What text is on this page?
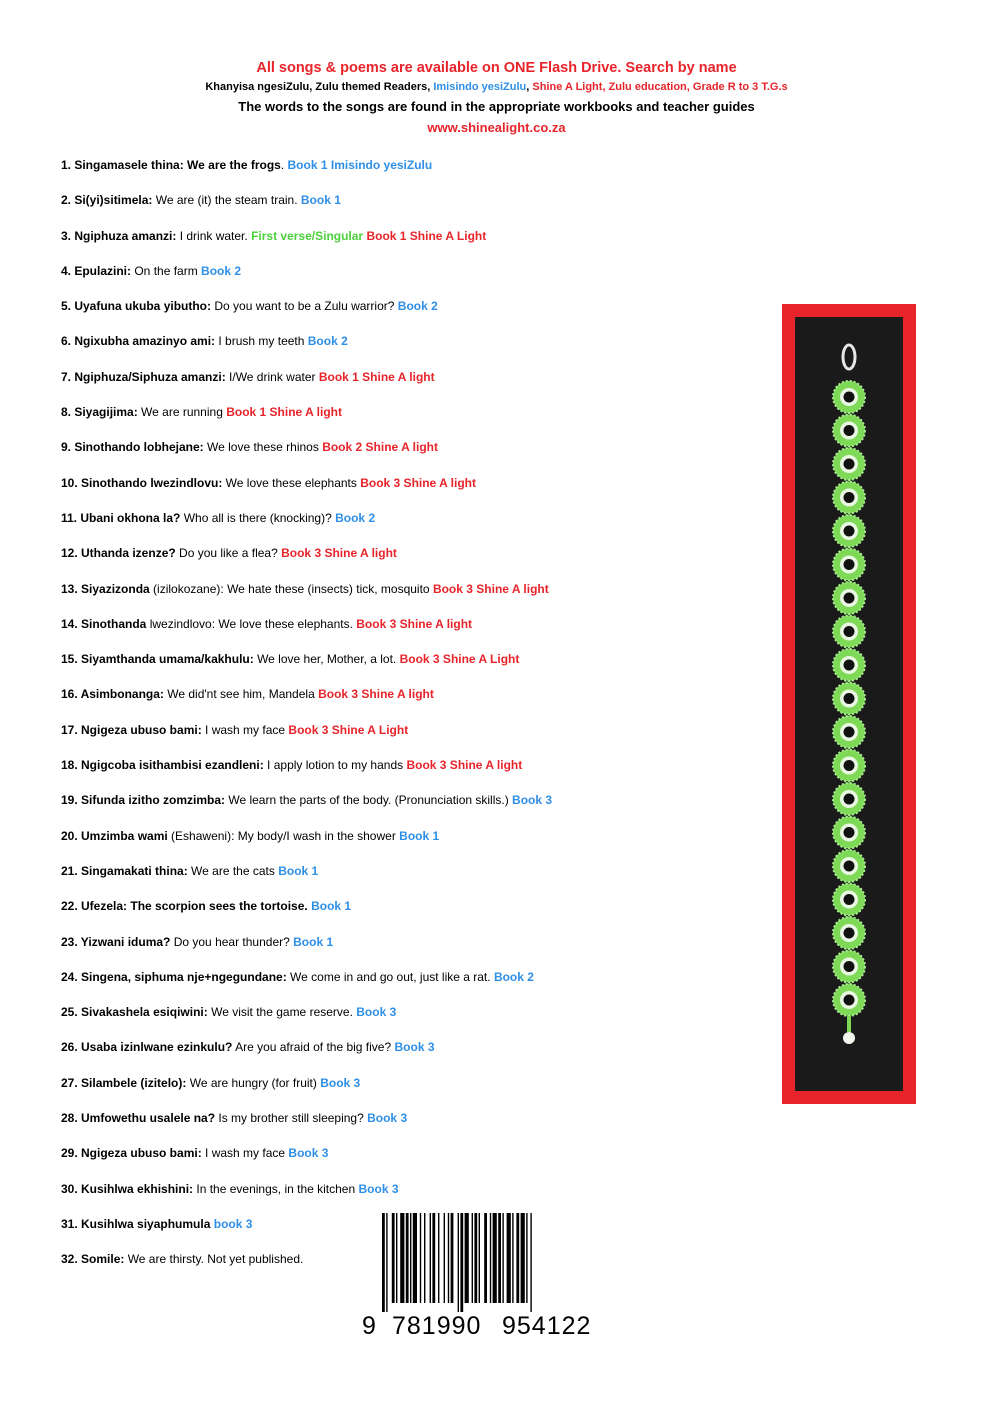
All songs & poems are available on ONE Flash Drive. Search by name
Khanyisa ngesiZulu, Zulu themed Readers, Imisindo yesiZulu, Shine A Light, Zulu education, Grade R to 3 T.G.s
The words to the songs are found in the appropriate workbooks and teacher guides
www.shinealight.co.za
1. Singamasele thina: We are the frogs. Book 1 Imisindo yesiZulu
2. Si(yi)sitimela: We are (it) the steam train. Book 1
3. Ngiphuza amanzi: I drink water. First verse/Singular Book 1 Shine A Light
4. Epulazini: On the farm Book 2
5. Uyafuna ukuba yibutho: Do you want to be a Zulu warrior? Book 2
6. Ngixubha amazinyo ami: I brush my teeth Book 2
7. Ngiphuza/Siphuza amanzi: I/We drink water Book 1 Shine A light
8. Siyagijima: We are running Book 1 Shine A light
9. Sinothando lobhejane: We love these rhinos Book 2 Shine A light
10. Sinothando lwezindlovu: We love these elephants Book 3 Shine A light
11. Ubani okhona la? Who all is there (knocking)? Book 2
12. Uthanda izenze? Do you like a flea? Book 3 Shine A light
13. Siyazizonda (izilokozane): We hate these (insects) tick, mosquito Book 3 Shine A light
14. Sinothanda lwezindlovo: We love these elephants. Book 3 Shine A light
15. Siyamthanda umama/kakhulu: We love her, Mother, a lot. Book 3 Shine A Light
16. Asimbonanga: We did'nt see him, Mandela Book 3 Shine A light
17. Ngigeza ubuso bami: I wash my face Book 3 Shine A Light
18. Ngigcoba isithambisi ezandleni: I apply lotion to my hands Book 3 Shine A light
19. Sifunda izitho zomzimba: We learn the parts of the body. (Pronunciation skills.) Book 3
20. Umzimba wami (Eshaweni): My body/I wash in the shower Book 1
21. Singamakati thina: We are the cats Book 1
22. Ufezela: The scorpion sees the tortoise. Book 1
23. Yizwani iduma? Do you hear thunder? Book 1
24. Singena, siphuma nje+ngegundane: We come in and go out, just like a rat. Book 2
25. Sivakashela esiqiwini: We visit the game reserve. Book 3
26. Usaba izinlwane ezinkulu? Are you afraid of the big five? Book 3
27. Silambele (izitelo): We are hungry (for fruit) Book 3
28. Umfowethu usalele na? Is my brother still sleeping? Book 3
29. Ngigeza ubuso bami: I wash my face Book 3
30. Kusihlwa ekhishini: In the evenings, in the kitchen Book 3
31. Kusihlwa siyaphumula book 3
32. Somile: We are thirsty. Not yet published.
9 781990 954122
